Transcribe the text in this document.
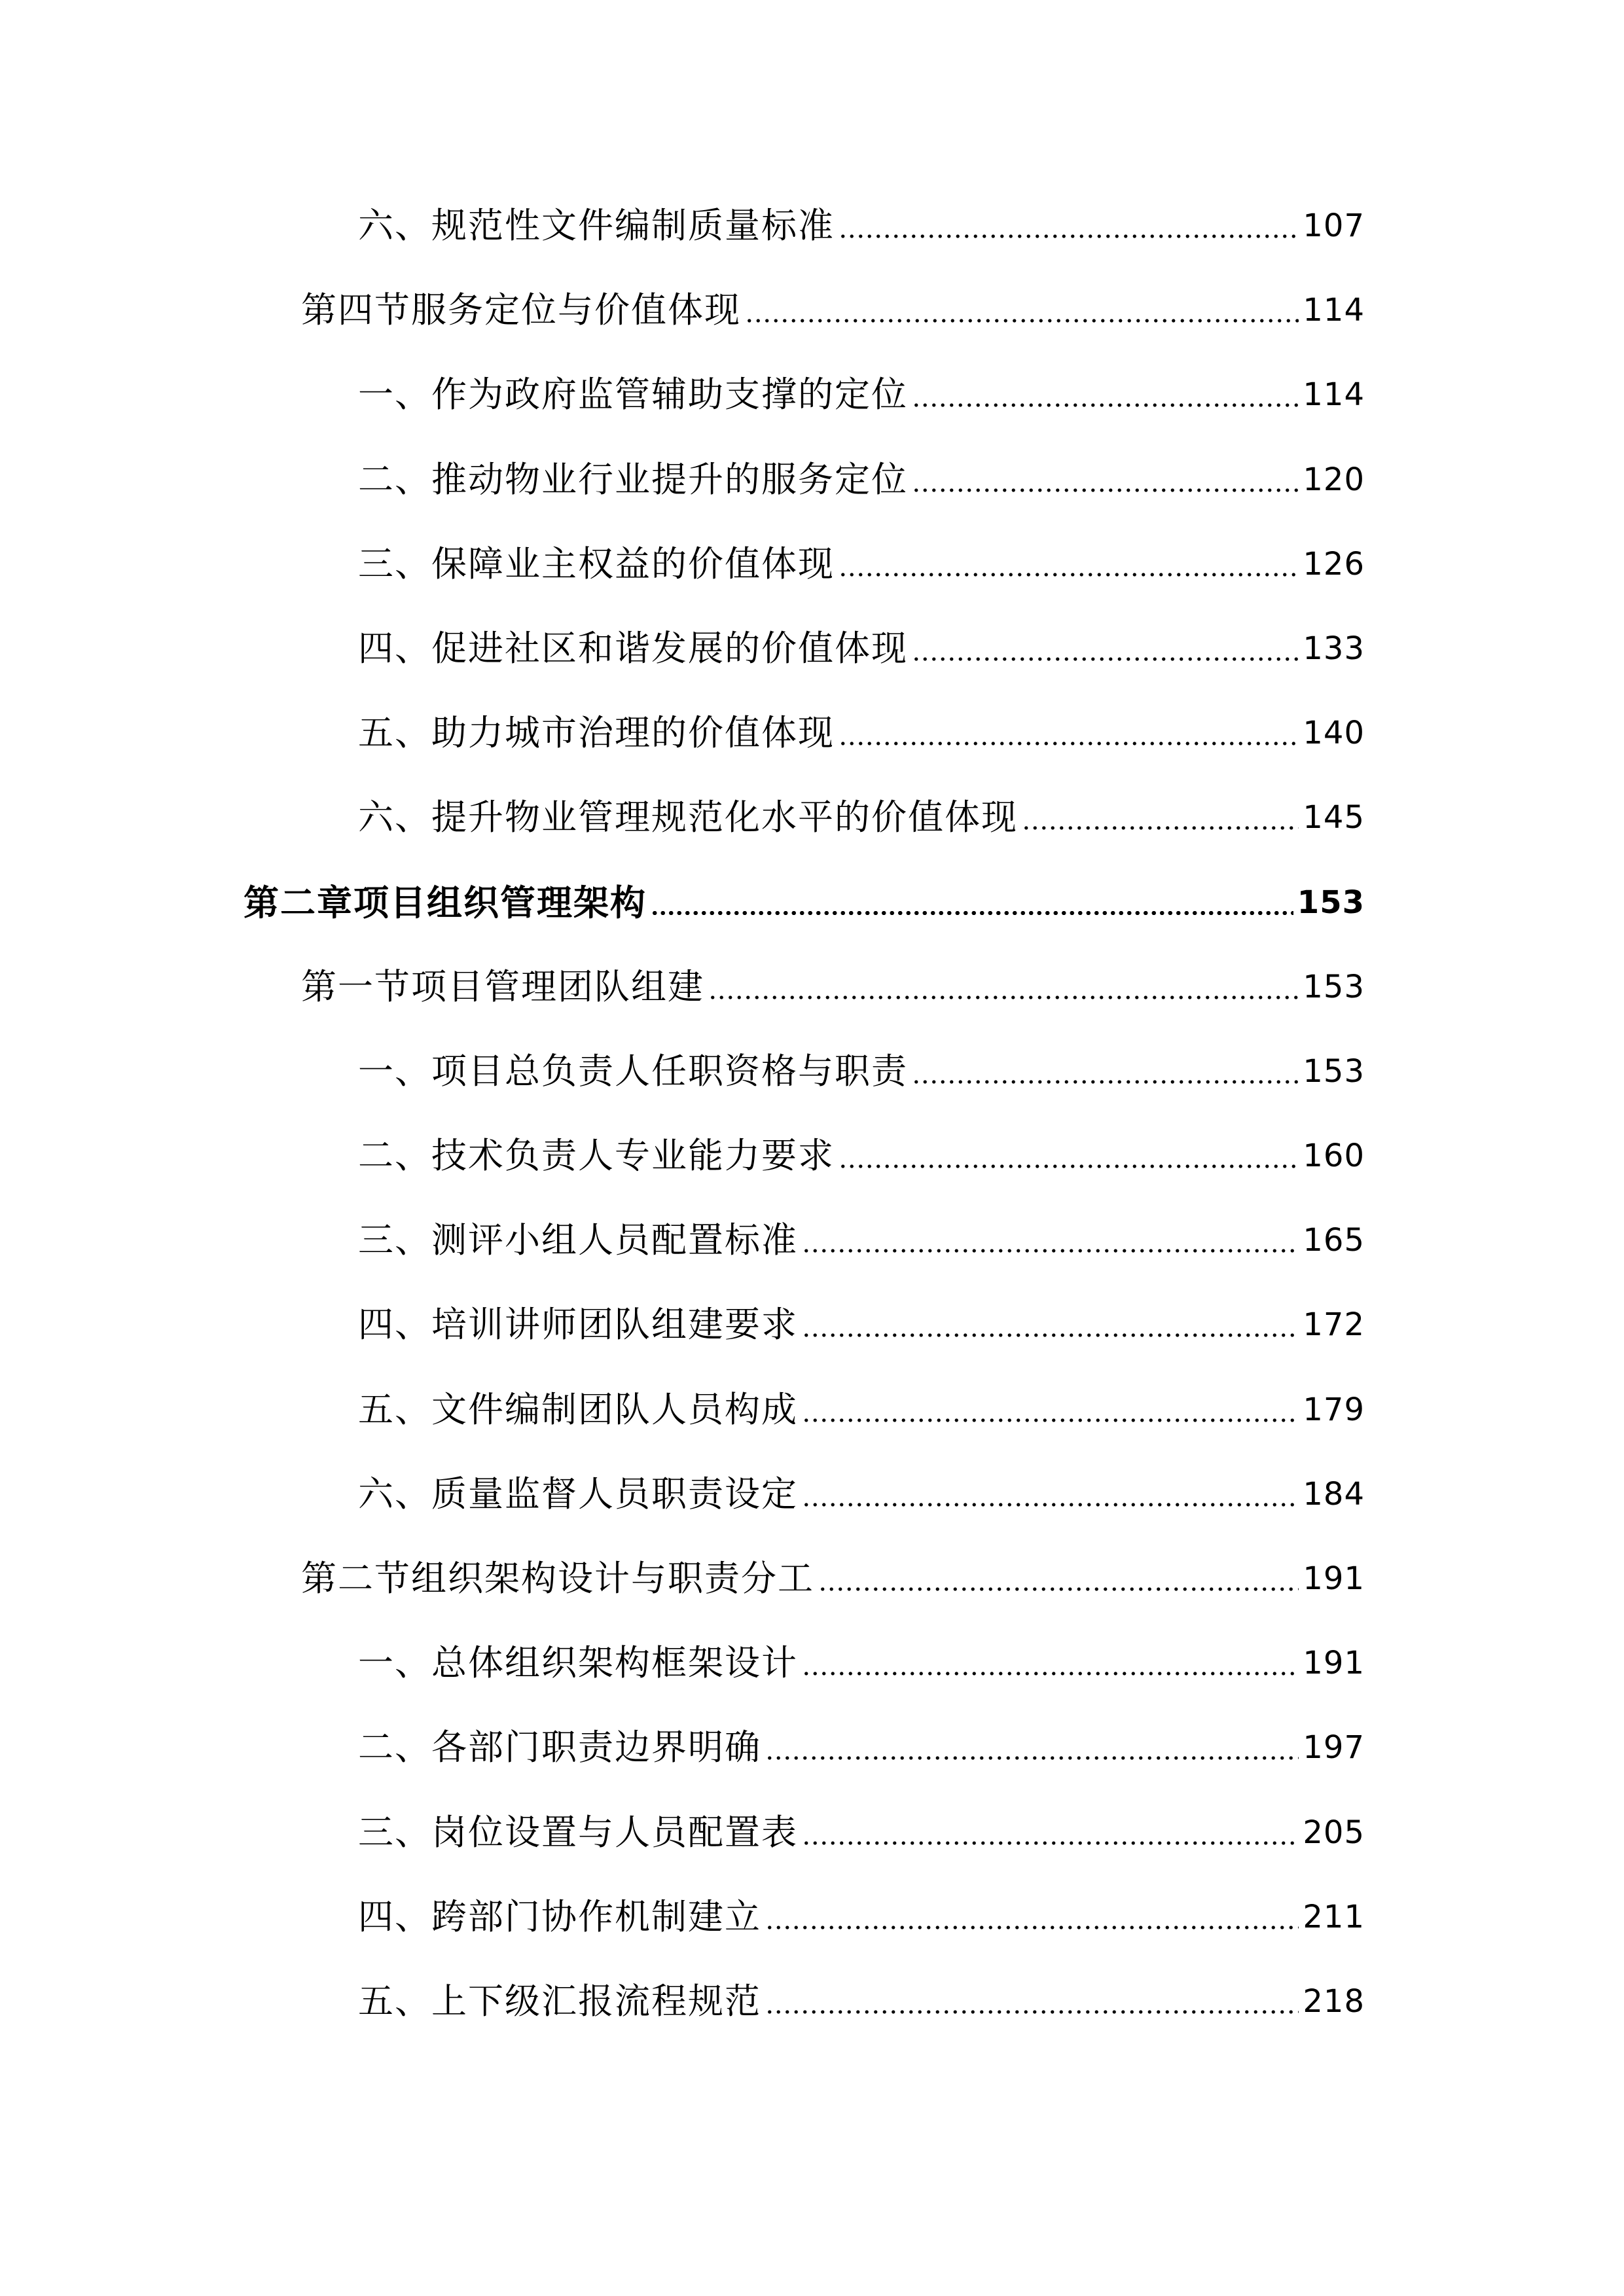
六、规范性文件编制质量标准	107
第四节服务定位与价值体现	114
一、作为政府监管辅助支撑的定位	114
二、推动物业行业提升的服务定位	120
三、保障业主权益的价值体现	126
四、促进社区和谐发展的价值体现	133
五、助力城市治理的价值体现	140
六、提升物业管理规范化水平的价值体现	145
第二章项目组织管理架构	153
第一节项目管理团队组建	153
一、项目总负责人任职资格与职责	153
二、技术负责人专业能力要求	160
三、测评小组人员配置标准	165
四、培训讲师团队组建要求	172
五、文件编制团队人员构成	179
六、质量监督人员职责设定	184
第二节组织架构设计与职责分工	191
一、总体组织架构框架设计	191
二、各部门职责边界明确	197
三、岗位设置与人员配置表	205
四、跨部门协作机制建立	211
五、上下级汇报流程规范	218
